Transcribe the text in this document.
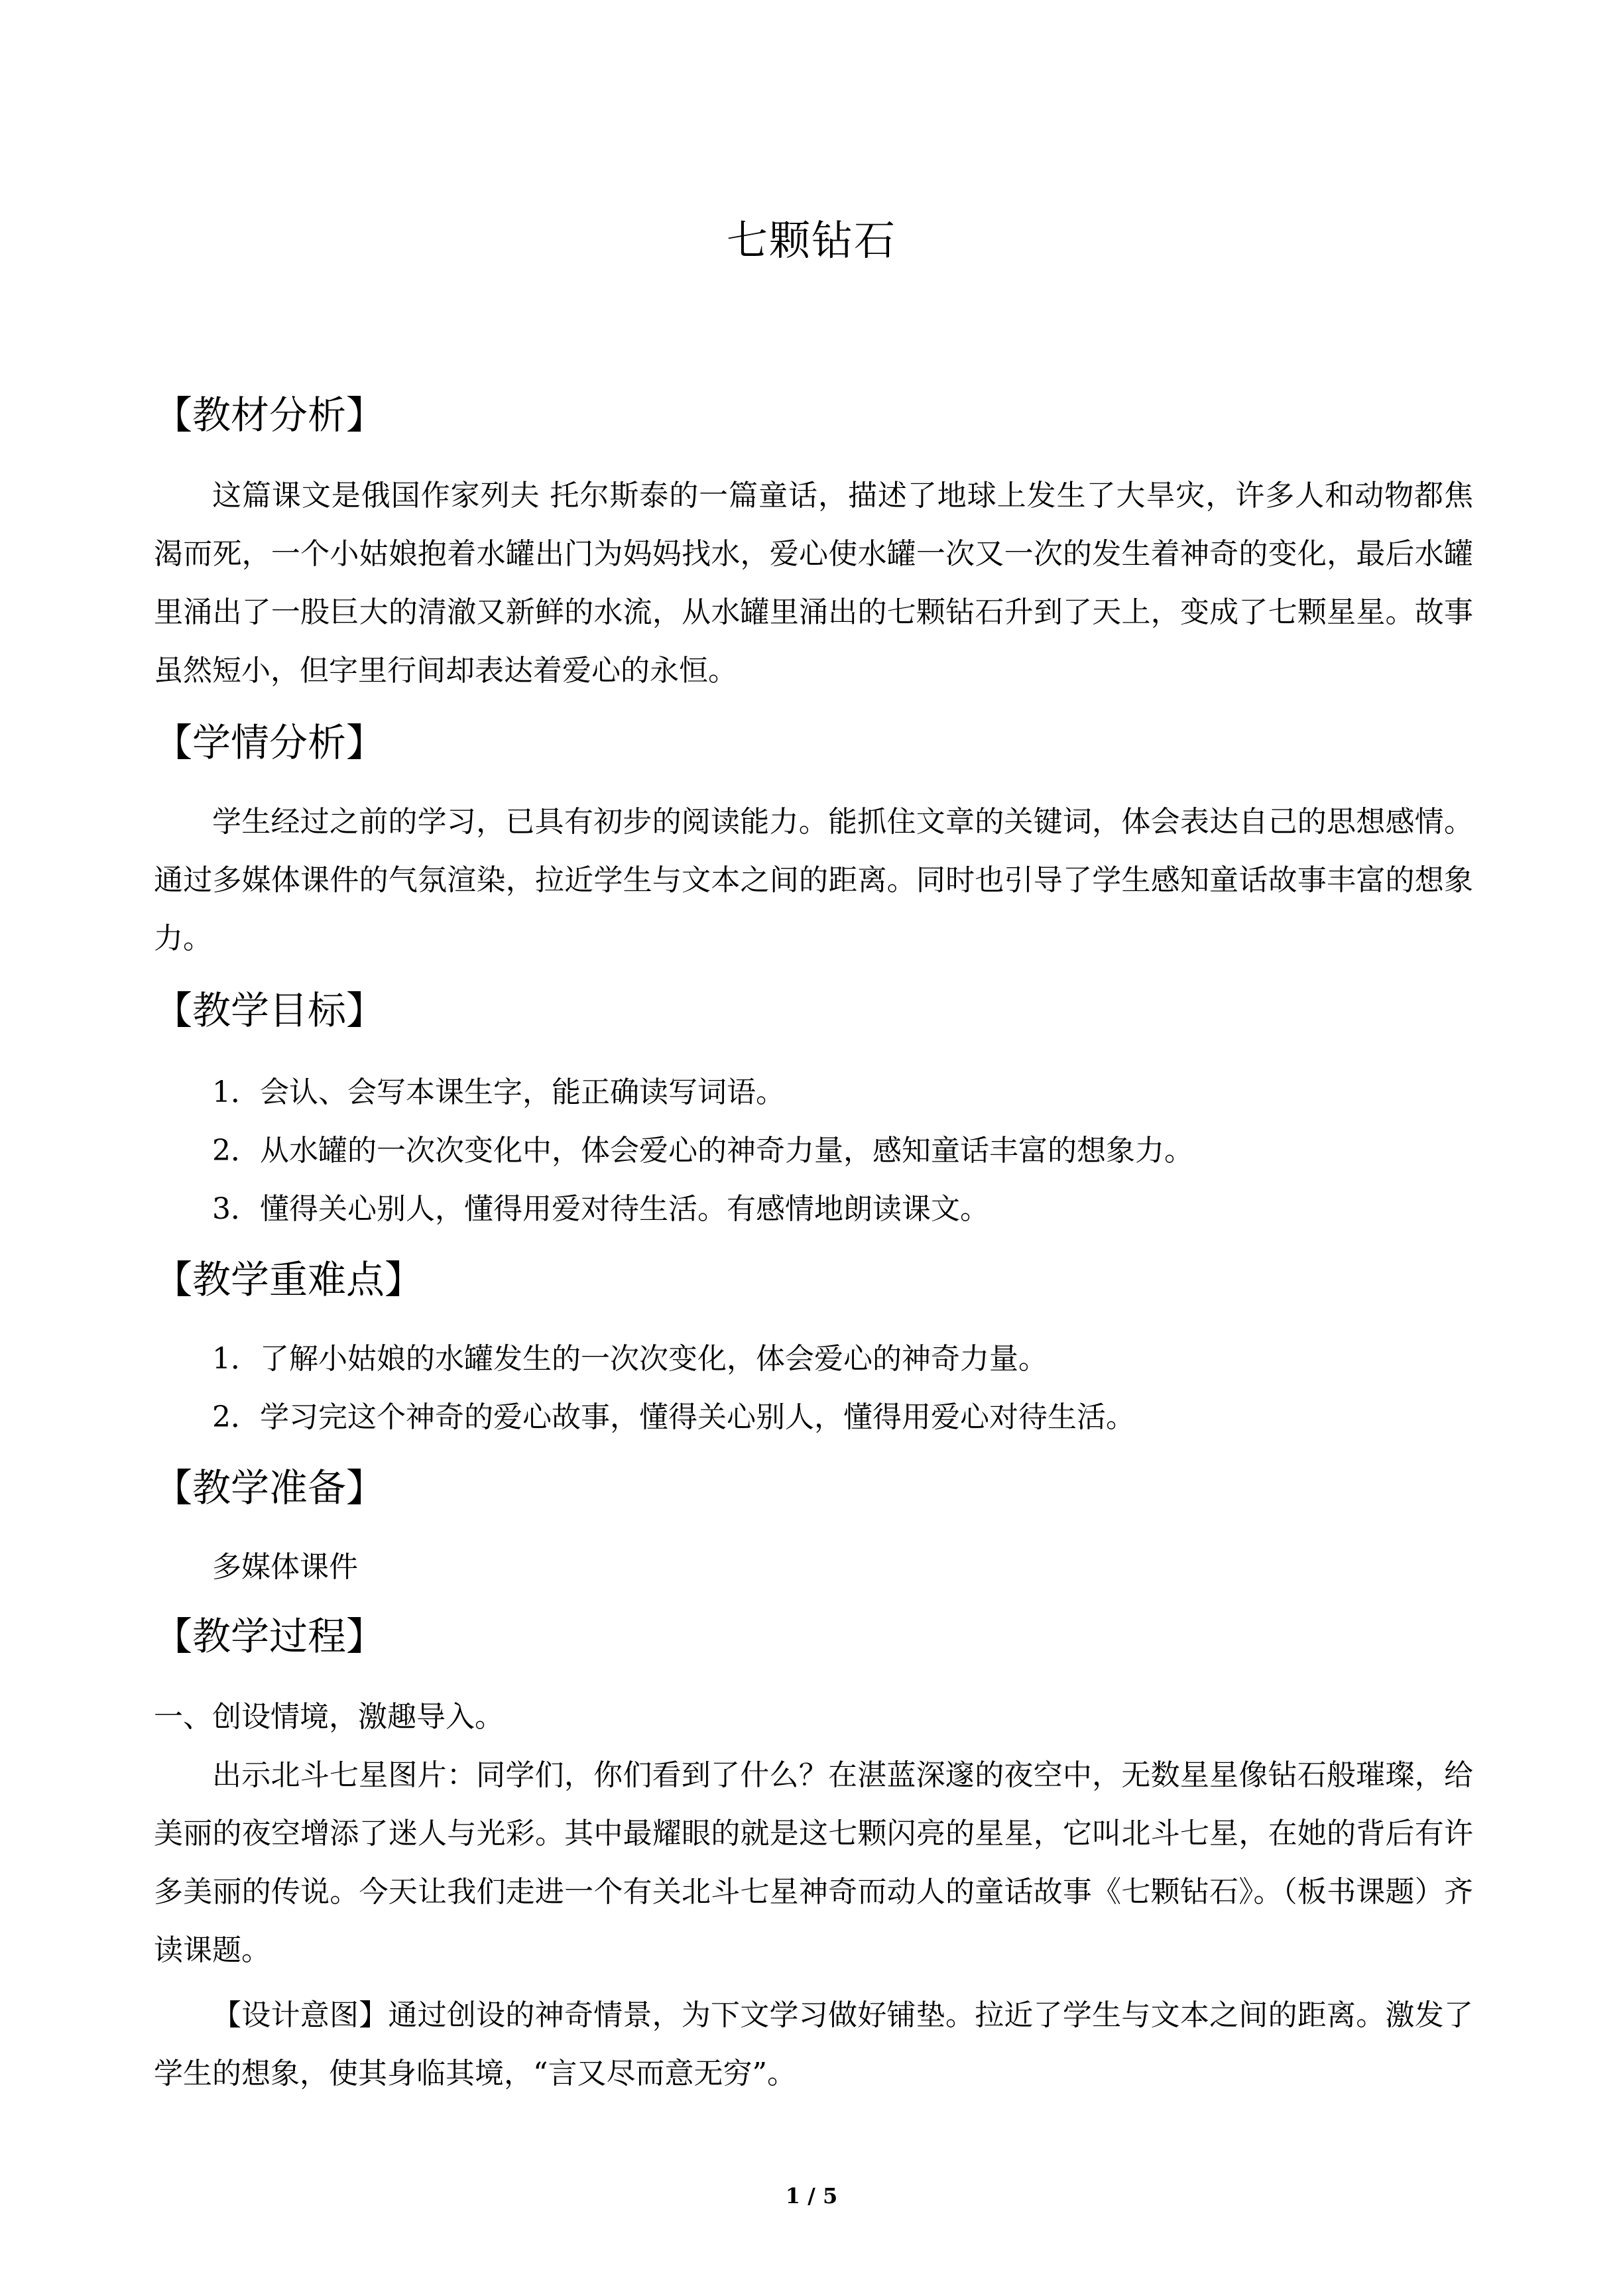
七颗钻石
【教材分析】
这篇课文是俄国作家列夫 托尔斯泰的一篇童话，描述了地球上发生了大旱灾，许多人和动物都焦渴而死，一个小姑娘抱着水罐出门为妈妈找水，爱心使水罐一次又一次的发生着神奇的变化，最后水罐里涌出了一股巨大的清澈又新鲜的水流，从水罐里涌出的七颗钻石升到了天上，变成了七颗星星。故事虽然短小，但字里行间却表达着爱心的永恒。
【学情分析】
学生经过之前的学习，已具有初步的阅读能力。能抓住文章的关键词，体会表达自己的思想感情。通过多媒体课件的气氛渲染，拉近学生与文本之间的距离。同时也引导了学生感知童话故事丰富的想象力。
【教学目标】
1．会认、会写本课生字，能正确读写词语。
2．从水罐的一次次变化中，体会爱心的神奇力量，感知童话丰富的想象力。
3．懂得关心别人，懂得用爱对待生活。有感情地朗读课文。
【教学重难点】
1．了解小姑娘的水罐发生的一次次变化，体会爱心的神奇力量。
2．学习完这个神奇的爱心故事，懂得关心别人，懂得用爱心对待生活。
【教学准备】
多媒体课件
【教学过程】
一、创设情境，激趣导入。
出示北斗七星图片：同学们，你们看到了什么？在湛蓝深邃的夜空中，无数星星像钻石般璀璨，给美丽的夜空增添了迷人与光彩。其中最耀眼的就是这七颗闪亮的星星，它叫北斗七星，在她的背后有许多美丽的传说。今天让我们走进一个有关北斗七星神奇而动人的童话故事《七颗钻石》。（板书课题）齐读课题。
【设计意图】通过创设的神奇情景，为下文学习做好铺垫。拉近了学生与文本之间的距离。激发了学生的想象，使其身临其境，“言又尽而意无穷”。
1 / 5
